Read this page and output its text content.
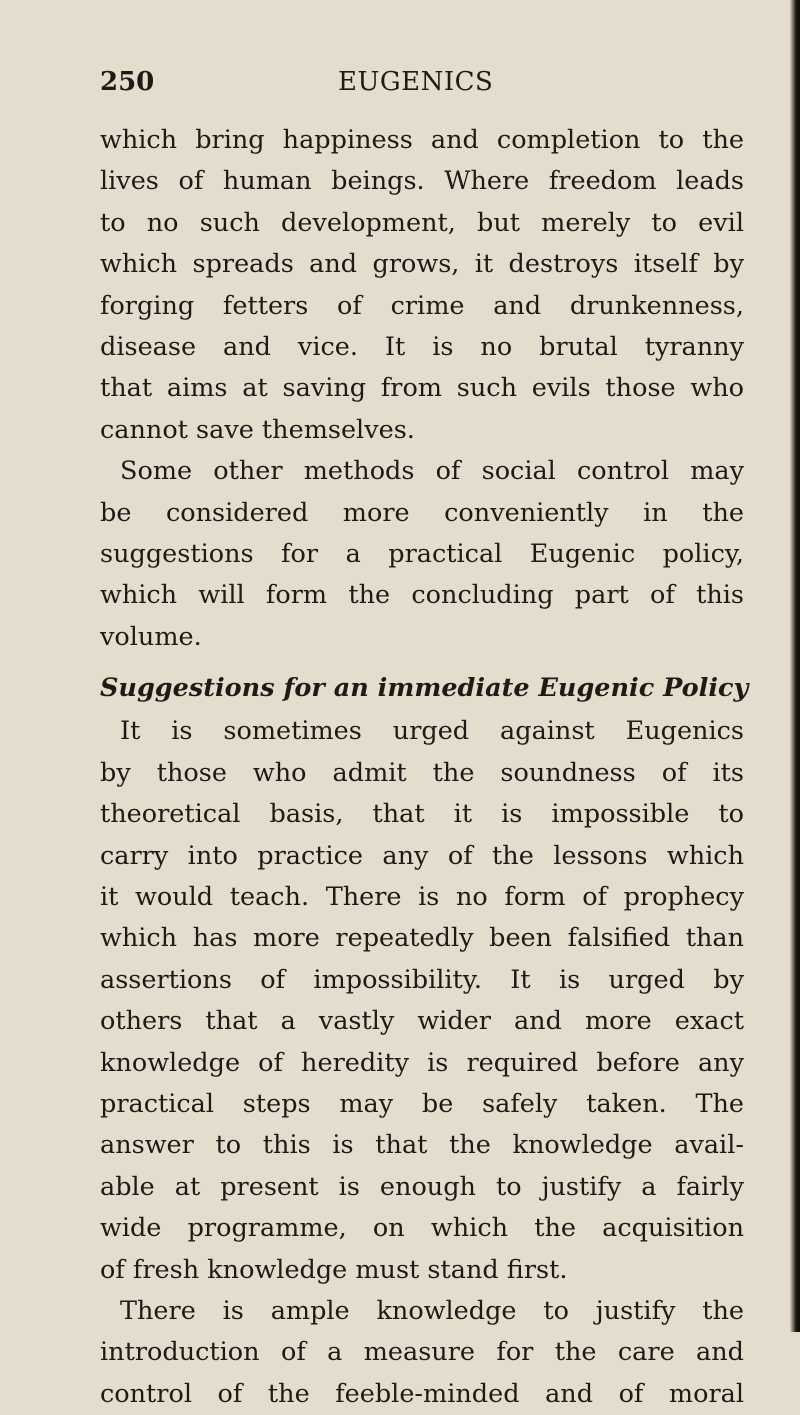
250	EUGENICS
which bring happiness and completion to the
lives of human beings. Where freedom leads
to no such development, but merely to evil
which spreads and grows, it destroys itself by
forging fetters of crime and drunkenness,
disease and vice. It is no brutal tyranny
that aims at saving from such evils those who
cannot save themselves.
Some other methods of social control may
be considered more conveniently in the
suggestions for a practical Eugenic policy,
which will form the concluding part of this
volume.
Suggestions for an immediate Eugenic Policy
It is sometimes urged against Eugenics
by those who admit the soundness of its
theoretical basis, that it is impossible to
carry into practice any of the lessons which
it would teach. There is no form of prophecy
which has more repeatedly been falsified than
assertions of impossibility. It is urged by
others that a vastly wider and more exact
knowledge of heredity is required before any
practical steps may be safely taken. The
answer to this is that the knowledge avail-
able at present is enough to justify a fairly
wide programme, on which the acquisition
of fresh knowledge must stand first.
There is ample knowledge to justify the
introduction of a measure for the care and
control of the feeble-minded and of moral
